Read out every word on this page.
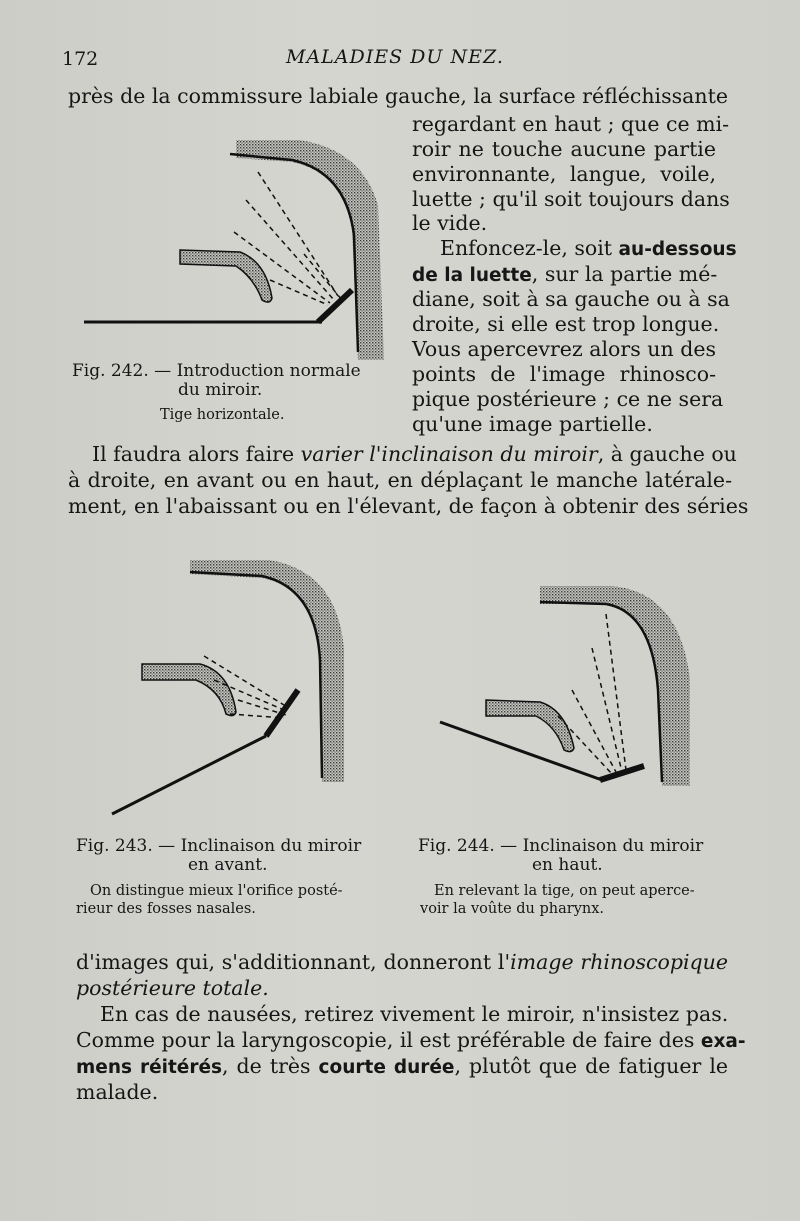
172	MALADIES DU NEZ.
près de la commissure labiale gauche, la surface réfléchissante
regardant en haut ; que ce mi-
roir ne touche aucune partie
environnante, langue, voile,
luette ; qu'il soit toujours dans
le vide.
Enfoncez-le, soit au-dessous
de la luette, sur la partie mé-
diane, soit à sa gauche ou à sa
droite, si elle est trop longue.
Vous apercevrez alors un des
points de l'image rhinosco-
pique postérieure ; ce ne sera
qu'une image partielle.
Fig. 242. — Introduction normale
du miroir.
Tige horizontale.
Il faudra alors faire varier l'inclinaison du miroir, à gauche ou
à droite, en avant ou en haut, en déplaçant le manche latérale-
ment, en l'abaissant ou en l'élevant, de façon à obtenir des séries
Fig. 243. — Inclinaison du miroir
en avant.
On distingue mieux l'orifice posté-
rieur des fosses nasales.
Fig. 244. — Inclinaison du miroir
en haut.
En relevant la tige, on peut aperce-
voir la voûte du pharynx.
d'images qui, s'additionnant, donneront l'image rhinoscopique
postérieure totale.
En cas de nausées, retirez vivement le miroir, n'insistez pas.
Comme pour la laryngoscopie, il est préférable de faire des exa-
mens réitérés, de très courte durée, plutôt que de fatiguer le
malade.
